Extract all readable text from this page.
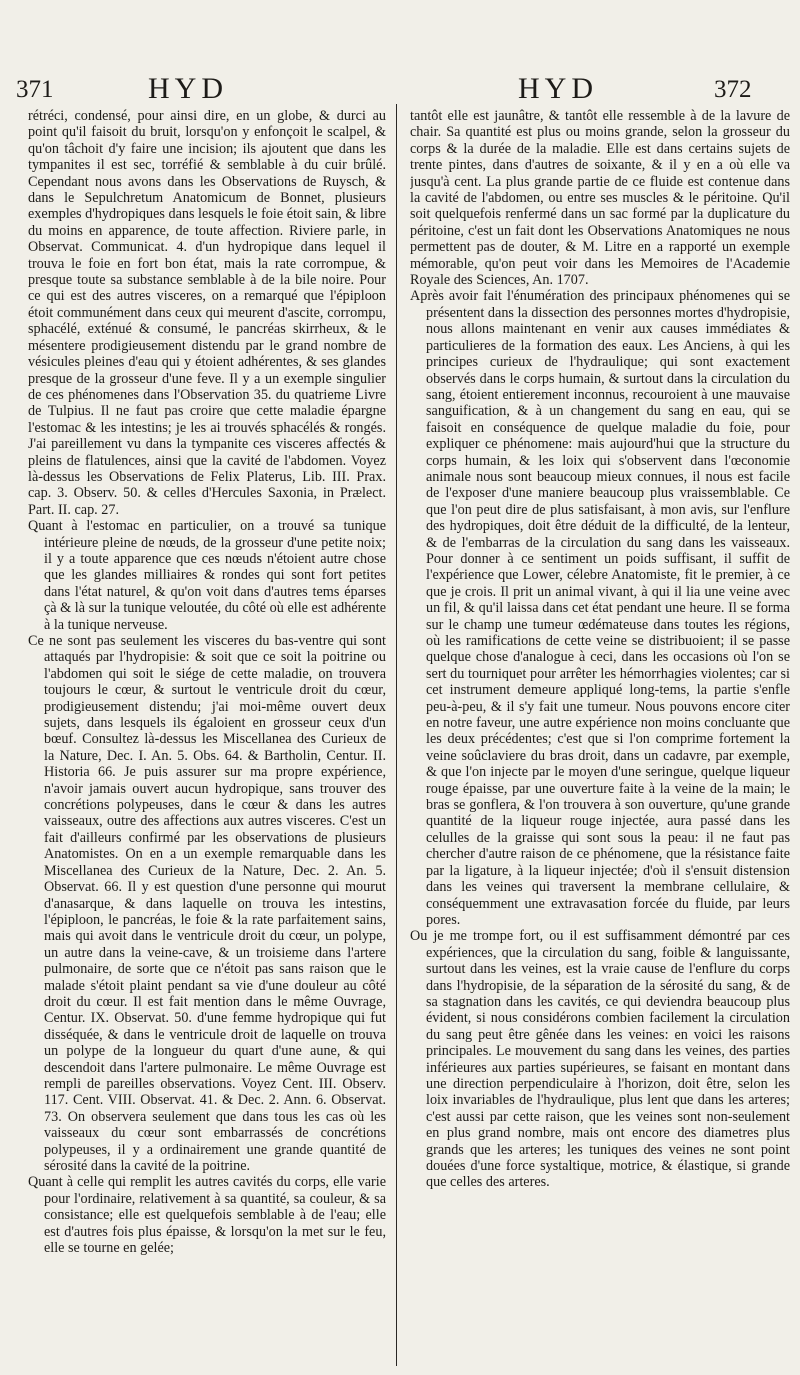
371	HYD	HYD	372

rétréci, condensé, pour ainsi dire, en un globe, & durci au point qu'il faisoit du bruit, lorsqu'on y enfonçoit le scalpel, & qu'on tâchoit d'y faire une incision; ils ajoutent que dans les tympanites il est sec, torréfié & semblable à du cuir brûlé. Cependant nous avons dans les Observations de Ruysch, & dans le Sepulchretum Anatomicum de Bonnet, plusieurs exemples d'hydropiques dans lesquels le foie étoit sain, & libre du moins en apparence, de toute affection. Riviere parle, in Observat. Communicat. 4. d'un hydropique dans lequel il trouva le foie en fort bon état, mais la rate corrompue, & presque toute sa substance semblable à de la bile noire. Pour ce qui est des autres visceres, on a remarqué que l'épiploon étoit communément dans ceux qui meurent d'ascite, corrompu, sphacélé, exténué & consumé, le pancréas skirrheux, & le mésentere prodigieusement distendu par le grand nombre de vésicules pleines d'eau qui y étoient adhérentes, & ses glandes presque de la grosseur d'une feve. Il y a un exemple singulier de ces phénomenes dans l'Observation 35. du quatrieme Livre de Tulpius. Il ne faut pas croire que cette maladie épargne l'estomac & les intestins; je les ai trouvés sphacélés & rongés. J'ai pareillement vu dans la tympanite ces visceres affectés & pleins de flatulences, ainsi que la cavité de l'abdomen. Voyez là-dessus les Observations de Felix Platerus, Lib. III. Prax. cap. 3. Observ. 50. & celles d'Hercules Saxonia, in Prælect. Part. II. cap. 27.

Quant à l'estomac en particulier, on a trouvé sa tunique intérieure pleine de nœuds, de la grosseur d'une petite noix; il y a toute apparence que ces nœuds n'étoient autre chose que les glandes milliaires & rondes qui sont fort petites dans l'état naturel, & qu'on voit dans d'autres tems éparses çà & là sur la tunique veloutée, du côté où elle est adhérente à la tunique nerveuse.

Ce ne sont pas seulement les visceres du bas-ventre qui sont attaqués par l'hydropisie: & soit que ce soit la poitrine ou l'abdomen qui soit le siége de cette maladie, on trouvera toujours le cœur, & surtout le ventricule droit du cœur, prodigieusement distendu; j'ai moi-même ouvert deux sujets, dans lesquels ils égaloient en grosseur ceux d'un bœuf. Consultez là-dessus les Miscellanea des Curieux de la Nature, Dec. I. An. 5. Obs. 64. & Bartholin, Centur. II. Historia 66. Je puis assurer sur ma propre expérience, n'avoir jamais ouvert aucun hydropique, sans trouver des concrétions polypeuses, dans le cœur & dans les autres vaisseaux, outre des affections aux autres visceres. C'est un fait d'ailleurs confirmé par les observations de plusieurs Anatomistes. On en a un exemple remarquable dans les Miscellanea des Curieux de la Nature, Dec. 2. An. 5. Observat. 66. Il y est question d'une personne qui mourut d'anasarque, & dans laquelle on trouva les intestins, l'épiploon, le pancréas, le foie & la rate parfaitement sains, mais qui avoit dans le ventricule droit du cœur, un polype, un autre dans la veine-cave, & un troisieme dans l'artere pulmonaire, de sorte que ce n'étoit pas sans raison que le malade s'étoit plaint pendant sa vie d'une douleur au côté droit du cœur. Il est fait mention dans le même Ouvrage, Centur. IX. Observat. 50. d'une femme hydropique qui fut disséquée, & dans le ventricule droit de laquelle on trouva un polype de la longueur du quart d'une aune, & qui descendoit dans l'artere pulmonaire. Le même Ouvrage est rempli de pareilles observations. Voyez Cent. III. Observ. 117. Cent. VIII. Observat. 41. & Dec. 2. Ann. 6. Observat. 73. On observera seulement que dans tous les cas où les vaisseaux du cœur sont embarrassés de concrétions polypeuses, il y a ordinairement une grande quantité de sérosité dans la cavité de la poitrine.

Quant à celle qui remplit les autres cavités du corps, elle varie pour l'ordinaire, relativement à sa quantité, sa couleur, & sa consistance; elle est quelquefois semblable à de l'eau; elle est d'autres fois plus épaisse, & lorsqu'on la met sur le feu, elle se tourne en gelée;

tantôt elle est jaunâtre, & tantôt elle ressemble à de la lavure de chair. Sa quantité est plus ou moins grande, selon la grosseur du corps & la durée de la maladie. Elle est dans certains sujets de trente pintes, dans d'autres de soixante, & il y en a où elle va jusqu'à cent. La plus grande partie de ce fluide est contenue dans la cavité de l'abdomen, ou entre ses muscles & le péritoine. Qu'il soit quelquefois renfermé dans un sac formé par la duplicature du péritoine, c'est un fait dont les Observations Anatomiques ne nous permettent pas de douter, & M. Litre en a rapporté un exemple mémorable, qu'on peut voir dans les Memoires de l'Academie Royale des Sciences, An. 1707.

Après avoir fait l'énumération des principaux phénomenes qui se présentent dans la dissection des personnes mortes d'hydropisie, nous allons maintenant en venir aux causes immédiates & particulieres de la formation des eaux. Les Anciens, à qui les principes curieux de l'hydraulique; qui sont exactement observés dans le corps humain, & surtout dans la circulation du sang, étoient entierement inconnus, recouroient à une mauvaise sanguification, & à un changement du sang en eau, qui se faisoit en conséquence de quelque maladie du foie, pour expliquer ce phénomene: mais aujourd'hui que la structure du corps humain, & les loix qui s'observent dans l'œconomie animale nous sont beaucoup mieux connues, il nous est facile de l'exposer d'une maniere beaucoup plus vraissemblable. Ce que l'on peut dire de plus satisfaisant, à mon avis, sur l'enflure des hydropiques, doit être déduit de la difficulté, de la lenteur, & de l'embarras de la circulation du sang dans les vaisseaux. Pour donner à ce sentiment un poids suffisant, il suffit de l'expérience que Lower, célebre Anatomiste, fit le premier, à ce que je crois. Il prit un animal vivant, à qui il lia une veine avec un fil, & qu'il laissa dans cet état pendant une heure. Il se forma sur le champ une tumeur œdémateuse dans toutes les régions, où les ramifications de cette veine se distribuoient; il se passe quelque chose d'analogue à ceci, dans les occasions où l'on se sert du tourniquet pour arrêter les hémorrhagies violentes; car si cet instrument demeure appliqué long-tems, la partie s'enfle peu-à-peu, & il s'y fait une tumeur. Nous pouvons encore citer en notre faveur, une autre expérience non moins concluante que les deux précédentes; c'est que si l'on comprime fortement la veine soûclaviere du bras droit, dans un cadavre, par exemple, & que l'on injecte par le moyen d'une seringue, quelque liqueur rouge épaisse, par une ouverture faite à la veine de la main; le bras se gonflera, & l'on trouvera à son ouverture, qu'une grande quantité de la liqueur rouge injectée, aura passé dans les celulles de la graisse qui sont sous la peau: il ne faut pas chercher d'autre raison de ce phénomene, que la résistance faite par la ligature, à la liqueur injectée; d'où il s'ensuit distension dans les veines qui traversent la membrane cellulaire, & conséquemment une extravasation forcée du fluide, par leurs pores.

Ou je me trompe fort, ou il est suffisamment démontré par ces expériences, que la circulation du sang, foible & languissante, surtout dans les veines, est la vraie cause de l'enflure du corps dans l'hydropisie, de la séparation de la sérosité du sang, & de sa stagnation dans les cavités, ce qui deviendra beaucoup plus évident, si nous considérons combien facilement la circulation du sang peut être gênée dans les veines: en voici les raisons principales. Le mouvement du sang dans les veines, des parties inférieures aux parties supérieures, se faisant en montant dans une direction perpendiculaire à l'horizon, doit être, selon les loix invariables de l'hydraulique, plus lent que dans les arteres; c'est aussi par cette raison, que les veines sont non-seulement en plus grand nombre, mais ont encore des diametres plus grands que les arteres; les tuniques des veines ne sont point douées d'une force systaltique, motrice, & élastique, si grande que celles des arteres.
